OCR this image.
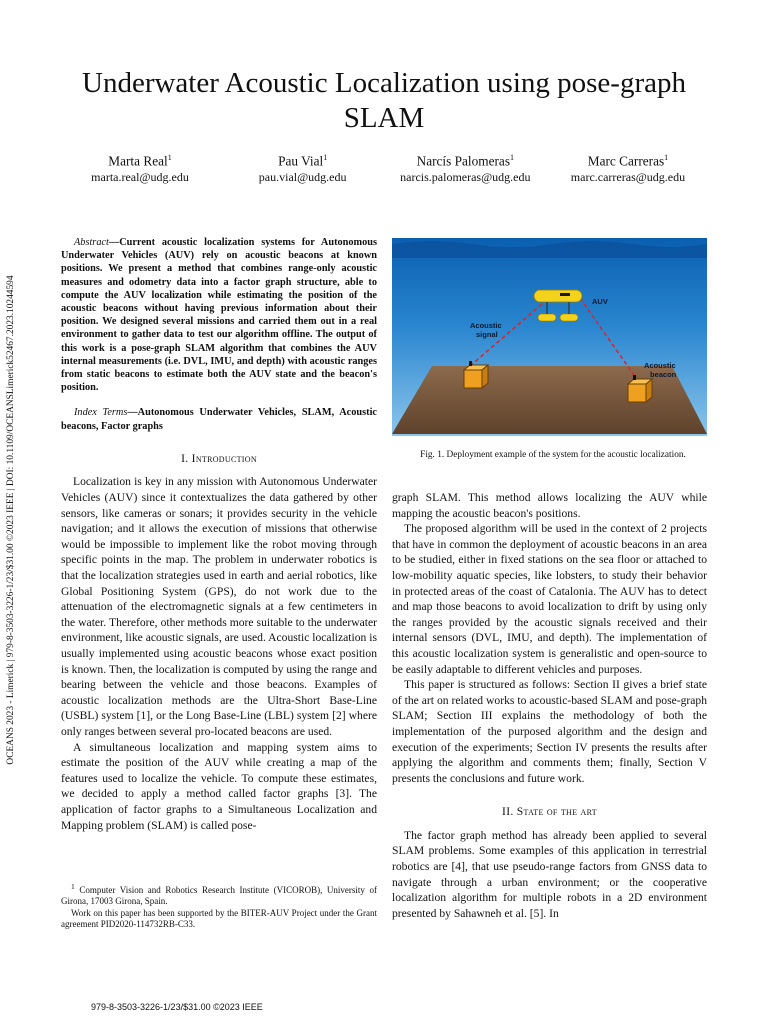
Underwater Acoustic Localization using pose-graph SLAM
Marta Real$^1$
marta.real@udg.edu
Pau Vial$^1$
pau.vial@udg.edu
Narcís Palomeras$^1$
narcis.palomeras@udg.edu
Marc Carreras$^1$
marc.carreras@udg.edu
OCEANS 2023 - Limerick | 979-8-3503-3226-1/23/$31.00 ©2023 IEEE | DOI: 10.1109/OCEANSLimerick52467.2023.10244594

Abstract—Current acoustic localization systems for Autonomous Underwater Vehicles (AUV) rely on acoustic beacons at known positions. We present a method that combines range-only acoustic measures and odometry data into a factor graph structure, able to compute the AUV localization while estimating the position of the acoustic beacons without having previous information about their position. We designed several missions and carried them out in a real environment to gather data to test our algorithm offline. The output of this work is a pose-graph SLAM algorithm that combines the AUV internal measurements (i.e. DVL, IMU, and depth) with acoustic ranges from static beacons to estimate both the AUV state and the beacon's position.

Index Terms—Autonomous Underwater Vehicles, SLAM, Acoustic beacons, Factor graphs

I. Introduction

Localization is key in any mission with Autonomous Underwater Vehicles (AUV) since it contextualizes the data gathered by other sensors, like cameras or sonars; it provides security in the vehicle navigation; and it allows the execution of missions that otherwise would be impossible to implement like the robot moving through specific points in the map. The problem in underwater robotics is that the localization strategies used in earth and aerial robotics, like Global Positioning System (GPS), do not work due to the attenuation of the electromagnetic signals at a few centimeters in the water. Therefore, other methods more suitable to the underwater environment, like acoustic signals, are used. Acoustic localization is usually implemented using acoustic beacons whose exact position is known. Then, the localization is computed by using the range and bearing between the vehicle and those beacons. Examples of acoustic localization methods are the Ultra-Short Base-Line (USBL) system [1], or the Long Base-Line (LBL) system [2] where only ranges between several pro-located beacons are used.

A simultaneous localization and mapping system aims to estimate the position of the AUV while creating a map of the features used to localize the vehicle. To compute these estimates, we decided to apply a method called factor graphs [3]. The application of factor graphs to a Simultaneous Localization and Mapping problem (SLAM) is called pose-

$^1$ Computer Vision and Robotics Research Institute (VICOROB), University of Girona, 17003 Girona, Spain.

Work on this paper has been supported by the BITER-AUV Project under the Grant agreement PID2020-114732RB-C33.

AUV
Acoustic
signal
Acoustic
beacon
Fig. 1. Deployment example of the system for the acoustic localization.

graph SLAM. This method allows localizing the AUV while mapping the acoustic beacon's positions.

The proposed algorithm will be used in the context of 2 projects that have in common the deployment of acoustic beacons in an area to be studied, either in fixed stations on the sea floor or attached to low-mobility aquatic species, like lobsters, to study their behavior in protected areas of the coast of Catalonia. The AUV has to detect and map those beacons to avoid localization to drift by using only the ranges provided by the acoustic signals received and their internal sensors (DVL, IMU, and depth). The implementation of this acoustic localization system is generalistic and open-source to be easily adaptable to different vehicles and purposes.

This paper is structured as follows: Section II gives a brief state of the art on related works to acoustic-based SLAM and pose-graph SLAM; Section III explains the methodology of both the implementation of the purposed algorithm and the design and execution of the experiments; Section IV presents the results after applying the algorithm and comments them; finally, Section V presents the conclusions and future work.

II. State of the art

The factor graph method has already been applied to several SLAM problems. Some examples of this application in terrestrial robotics are [4], that use pseudo-range factors from GNSS data to navigate through a urban environment; or the cooperative localization algorithm for multiple robots in a 2D environment presented by Sahawneh et al. [5]. In

979-8-3503-3226-1/23/$31.00 ©2023 IEEE
